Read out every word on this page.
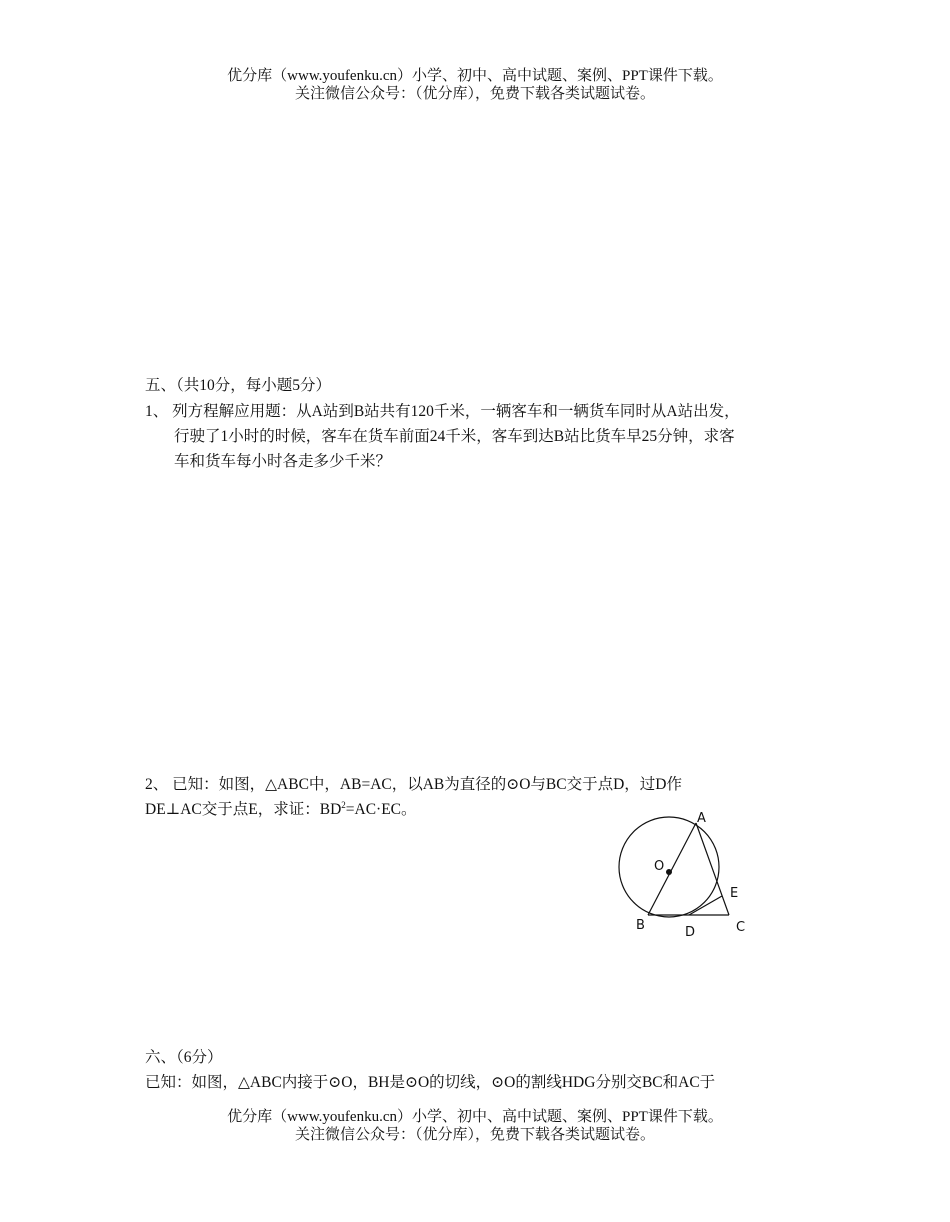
优分库（www.youfenku.cn）小学、初中、高中试题、案例、PPT课件下载。
关注微信公众号：（优分库），免费下载各类试题试卷。
五、（共10分，每小题5分）
1、 列方程解应用题：从A站到B站共有120千米，一辆客车和一辆货车同时从A站出发，
行驶了1小时的时候，客车在货车前面24千米，客车到达B站比货车早25分钟，求客
车和货车每小时各走多少千米？
2、 已知：如图，△ABC中，AB=AC，以AB为直径的⊙O与BC交于点D，过D作
DE⊥AC交于点E，求证：$BD^2=AC\cdot EC$。
A
O
E
B	D	C
六、（6分）
已知：如图，△ABC内接于⊙O，BH是⊙O的切线，⊙O的割线HDG分别交BC和AC于
优分库（www.youfenku.cn）小学、初中、高中试题、案例、PPT课件下载。
关注微信公众号：（优分库），免费下载各类试题试卷。
